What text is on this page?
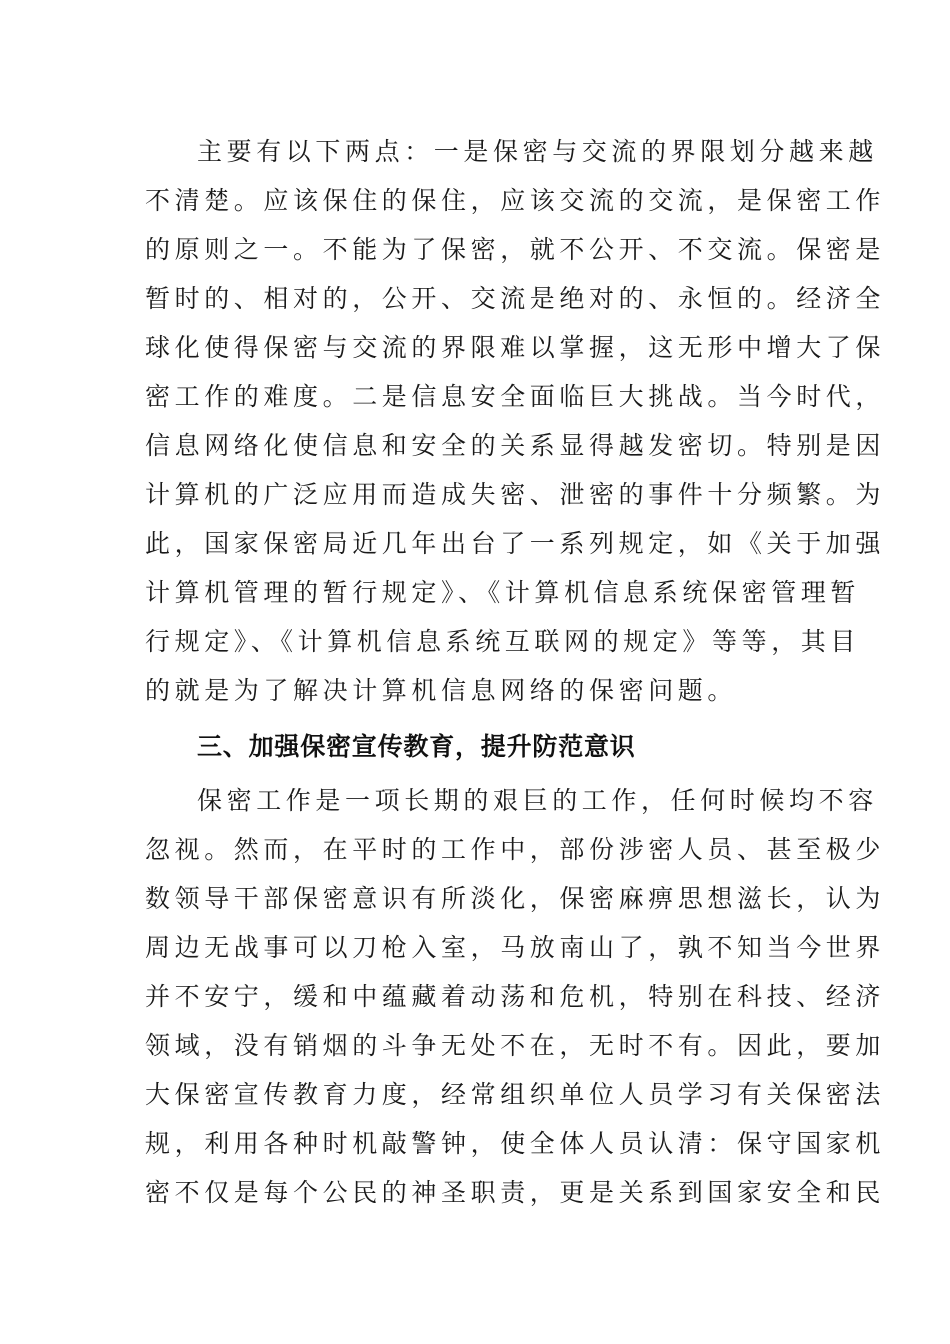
主要有以下两点：一是保密与交流的界限划分越来越
不清楚。应该保住的保住，应该交流的交流，是保密工作
的原则之一。不能为了保密，就不公开、不交流。保密是
暂时的、相对的，公开、交流是绝对的、永恒的。经济全
球化使得保密与交流的界限难以掌握，这无形中增大了保
密工作的难度。二是信息安全面临巨大挑战。当今时代，
信息网络化使信息和安全的关系显得越发密切。特别是因
计算机的广泛应用而造成失密、泄密的事件十分频繁。为
此，国家保密局近几年出台了一系列规定，如《关于加强
计算机管理的暂行规定》、《计算机信息系统保密管理暂
行规定》、《计算机信息系统互联网的规定》等等，其目
的就是为了解决计算机信息网络的保密问题。
三、加强保密宣传教育，提升防范意识
保密工作是一项长期的艰巨的工作，任何时候均不容
忽视。然而，在平时的工作中，部份涉密人员、甚至极少
数领导干部保密意识有所淡化，保密麻痹思想滋长，认为
周边无战事可以刀枪入室，马放南山了，孰不知当今世界
并不安宁，缓和中蕴藏着动荡和危机，特别在科技、经济
领域，没有销烟的斗争无处不在，无时不有。因此，要加
大保密宣传教育力度，经常组织单位人员学习有关保密法
规，利用各种时机敲警钟，使全体人员认清：保守国家机
密不仅是每个公民的神圣职责，更是关系到国家安全和民
